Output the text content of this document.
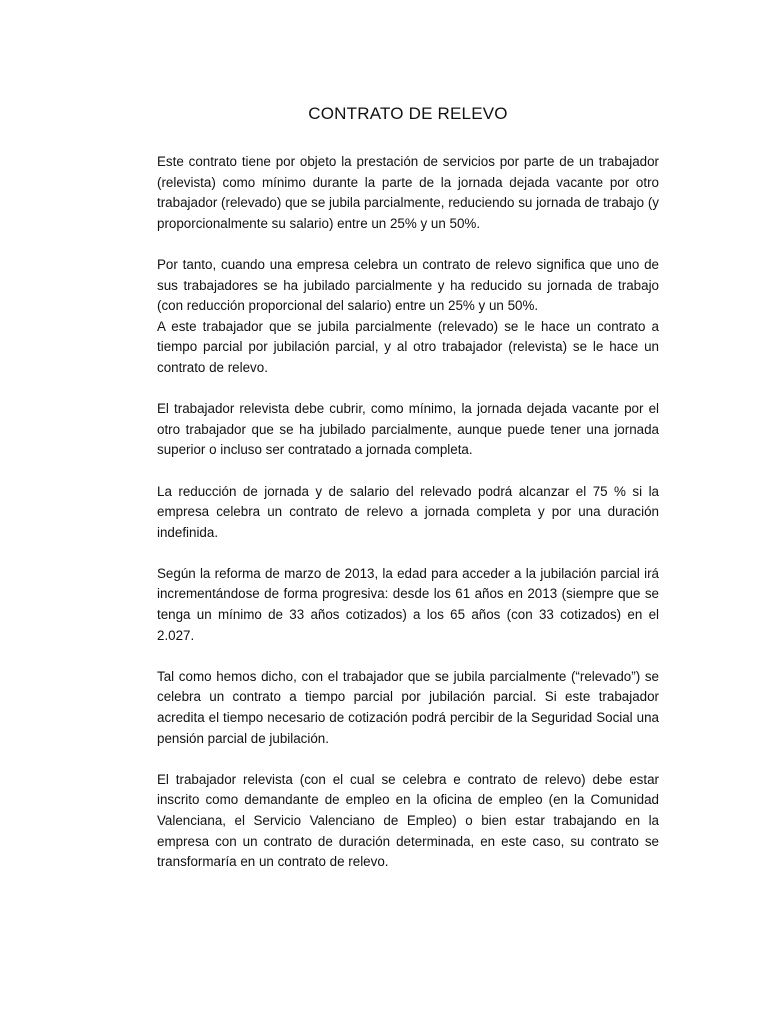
CONTRATO DE RELEVO

Este contrato tiene por objeto la prestación de servicios por parte de un trabajador (relevista) como mínimo durante la parte de la jornada dejada vacante por otro trabajador (relevado) que se jubila parcialmente, reduciendo su jornada de trabajo (y proporcionalmente su salario) entre un 25% y un 50%.

Por tanto, cuando una empresa celebra un contrato de relevo significa que uno de sus trabajadores se ha jubilado parcialmente y ha reducido su jornada de trabajo (con reducción proporcional del salario) entre un 25% y un 50%.

A este trabajador que se jubila parcialmente (relevado) se le hace un contrato a tiempo parcial por jubilación parcial, y al otro trabajador (relevista) se le hace un contrato de relevo.

El trabajador relevista debe cubrir, como mínimo, la jornada dejada vacante por el otro trabajador que se ha jubilado parcialmente, aunque puede tener una jornada superior o incluso ser contratado a jornada completa.

La reducción de jornada y de salario del relevado podrá alcanzar el 75 % si la empresa celebra un contrato de relevo a jornada completa y por una duración indefinida.

Según la reforma de marzo de 2013, la edad para acceder a la jubilación parcial irá incrementándose de forma progresiva: desde los 61 años en 2013 (siempre que se tenga un mínimo de 33 años cotizados) a los 65 años (con 33 cotizados) en el 2.027.

Tal como hemos dicho, con el trabajador que se jubila parcialmente (“relevado”) se celebra un contrato a tiempo parcial por jubilación parcial. Si este trabajador acredita el tiempo necesario de cotización podrá percibir de la Seguridad Social una pensión parcial de jubilación.

El trabajador relevista (con el cual se celebra e contrato de relevo) debe estar inscrito como demandante de empleo en la oficina de empleo (en la Comunidad Valenciana, el Servicio Valenciano de Empleo) o bien estar trabajando en la empresa con un contrato de duración determinada, en este caso, su contrato se transformaría en un contrato de relevo.
